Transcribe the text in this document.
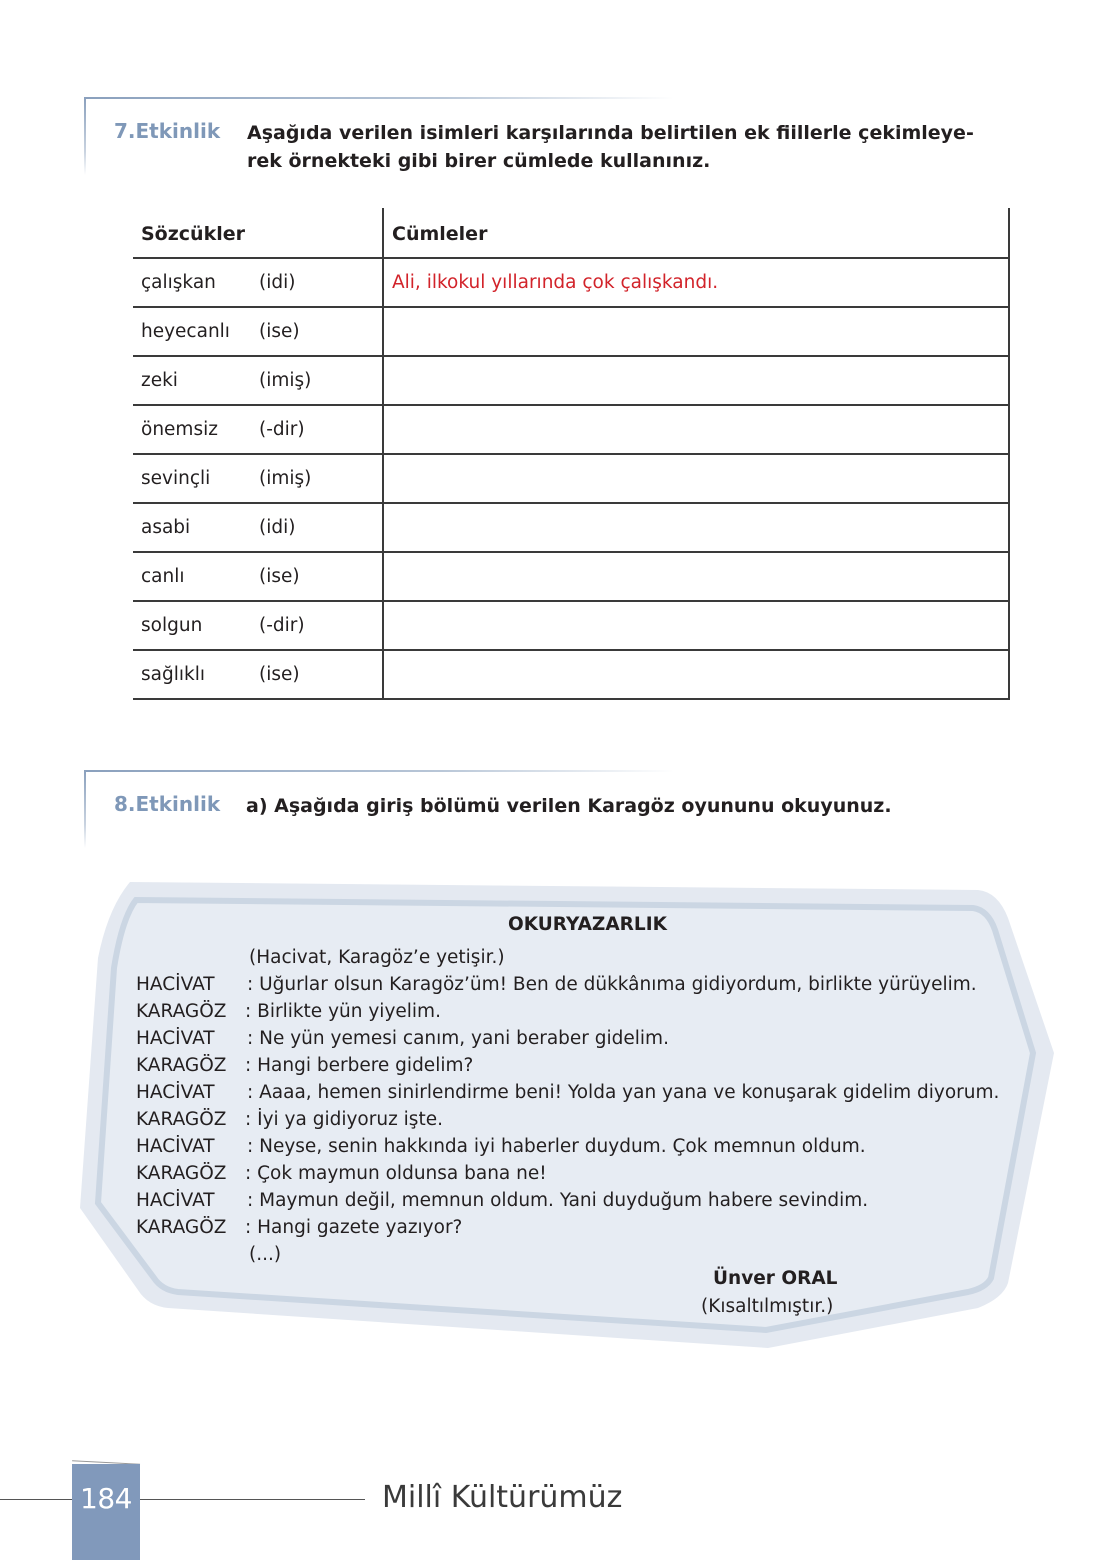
7.Etkinlik Aşağıda verilen isimleri karşılarında belirtilen ek fiillerle çekimleye-
rek örnekteki gibi birer cümlede kullanınız.
Sözcükler	Cümleler
çalışkan (idi)	Ali, ilkokul yıllarında çok çalışkandı.
heyecanlı (ise)	
zeki (imiş)	
önemsiz (-dir)	
sevinçli (imiş)	
asabi (idi)	
canlı (ise)	
solgun (-dir)	
sağlıklı (ise)	
8.Etkinlik a) Aşağıda giriş bölümü verilen Karagöz oyununu okuyunuz.
OKURYAZARLIK
(Hacivat, Karagöz’e yetişir.)
HACİVAT : Uğurlar olsun Karagöz’üm! Ben de dükkânıma gidiyordum, birlikte yürüyelim.
KARAGÖZ : Birlikte yün yiyelim.
HACİVAT : Ne yün yemesi canım, yani beraber gidelim.
KARAGÖZ : Hangi berbere gidelim?
HACİVAT : Aaaa, hemen sinirlendirme beni! Yolda yan yana ve konuşarak gidelim diyorum.
KARAGÖZ : İyi ya gidiyoruz işte.
HACİVAT : Neyse, senin hakkında iyi haberler duydum. Çok memnun oldum.
KARAGÖZ : Çok maymun oldunsa bana ne!
HACİVAT : Maymun değil, memnun oldum. Yani duyduğum habere sevindim.
KARAGÖZ : Hangi gazete yazıyor?
(...)
Ünver ORAL
(Kısaltılmıştır.)
184	Millî Kültürümüz
